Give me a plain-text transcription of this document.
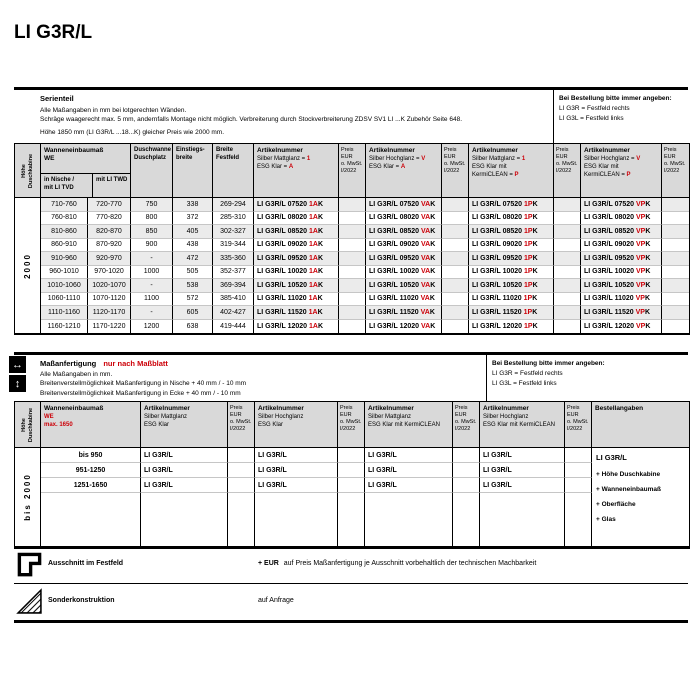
LI G3R/L
Serienteil
Alle Maßangaben in mm bei lotgerechten Wänden.
Schräge waagerecht max. 5 mm, andernfalls Montage nicht möglich. Verbreiterung durch Stockverbreiterung ZDSV SV1 LI ...K Zubehör Seite 648.
Höhe 1850 mm (LI G3R/L ...18...K) gleicher Preis wie 2000 mm.
Bei Bestellung bitte immer angeben:
LI G3R = Festfeld rechts
LI G3L = Festfeld links
Höhe Duschkabine
Wanneneinbaumaß
WE
in Nische /
mit LI TVD
mit LI TWD
Duschwanne
Duschplatz
Einstiegs-
breite
Breite
Festfeld
Artikelnummer
Silber Mattglanz = 1
ESG Klar = A
Preis EUR
o. MwSt.
I/2022
Artikelnummer
Silber Hochglanz = V
ESG Klar = A
Preis EUR
o. MwSt.
I/2022
Artikelnummer
Silber Mattglanz = 1
ESG Klar mit
KermiCLEAN = P
Preis EUR
o. MwSt.
I/2022
Artikelnummer
Silber Hochglanz = V
ESG Klar mit
KermiCLEAN = P
Preis EUR
o. MwSt.
I/2022
2000
710-760	720-770	750	338	269-294	LI G3R/L 07520 1A K	LI G3R/L 07520 VA K	LI G3R/L 07520 1P K	LI G3R/L 07520 VP K
760-810	770-820	800	372	285-310	LI G3R/L 08020 1A K	LI G3R/L 08020 VA K	LI G3R/L 08020 1P K	LI G3R/L 08020 VP K
810-860	820-870	850	405	302-327	LI G3R/L 08520 1A K	LI G3R/L 08520 VA K	LI G3R/L 08520 1P K	LI G3R/L 08520 VP K
860-910	870-920	900	438	319-344	LI G3R/L 09020 1A K	LI G3R/L 09020 VA K	LI G3R/L 09020 1P K	LI G3R/L 09020 VP K
910-960	920-970	-	472	335-360	LI G3R/L 09520 1A K	LI G3R/L 09520 VA K	LI G3R/L 09520 1P K	LI G3R/L 09520 VP K
960-1010	970-1020	1000	505	352-377	LI G3R/L 10020 1A K	LI G3R/L 10020 VA K	LI G3R/L 10020 1P K	LI G3R/L 10020 VP K
1010-1060	1020-1070	-	538	369-394	LI G3R/L 10520 1A K	LI G3R/L 10520 VA K	LI G3R/L 10520 1P K	LI G3R/L 10520 VP K
1060-1110	1070-1120	1100	572	385-410	LI G3R/L 11020 1A K	LI G3R/L 11020 VA K	LI G3R/L 11020 1P K	LI G3R/L 11020 VP K
1110-1160	1120-1170	-	605	402-427	LI G3R/L 11520 1A K	LI G3R/L 11520 VA K	LI G3R/L 11520 1P K	LI G3R/L 11520 VP K
1160-1210	1170-1220	1200	638	419-444	LI G3R/L 12020 1A K	LI G3R/L 12020 VA K	LI G3R/L 12020 1P K	LI G3R/L 12020 VP K
↔
↕
Maßanfertigung nur nach Maßblatt
Alle Maßangaben in mm.
Breitenverstellmöglichkeit Maßanfertigung in Nische + 40 mm / - 10 mm
Breitenverstellmöglichkeit Maßanfertigung in Ecke + 40 mm / - 10 mm
Bei Bestellung bitte immer angeben:
LI G3R = Festfeld rechts
LI G3L = Festfeld links
Höhe Duschkabine Wanneneinbaumaß
WE
max. 1650
Artikelnummer
Silber Mattglanz
ESG Klar
Preis EUR
o. MwSt.
I/2022
Artikelnummer
Silber Hochglanz
ESG Klar
Preis EUR
o. MwSt.
I/2022
Artikelnummer
Silber Mattglanz
ESG Klar mit KermiCLEAN
Preis EUR
o. MwSt.
I/2022
Artikelnummer
Silber Hochglanz
ESG Klar mit KermiCLEAN
Preis EUR
o. MwSt.
I/2022
Bestellangaben
bis 2000
bis 950	LI G3R/L	LI G3R/L	LI G3R/L	LI G3R/L
951-1250	LI G3R/L	LI G3R/L	LI G3R/L	LI G3R/L
1251-1650	LI G3R/L	LI G3R/L	LI G3R/L	LI G3R/L
LI G3R/L
+ Höhe Duschkabine
+ Wanneneinbaumaß
+ Oberfläche
+ Glas
Ausschnitt im Festfeld	+ EUR auf Preis Maßanfertigung je Ausschnitt vorbehaltlich der technischen Machbarkeit
Sonderkonstruktion	auf Anfrage
